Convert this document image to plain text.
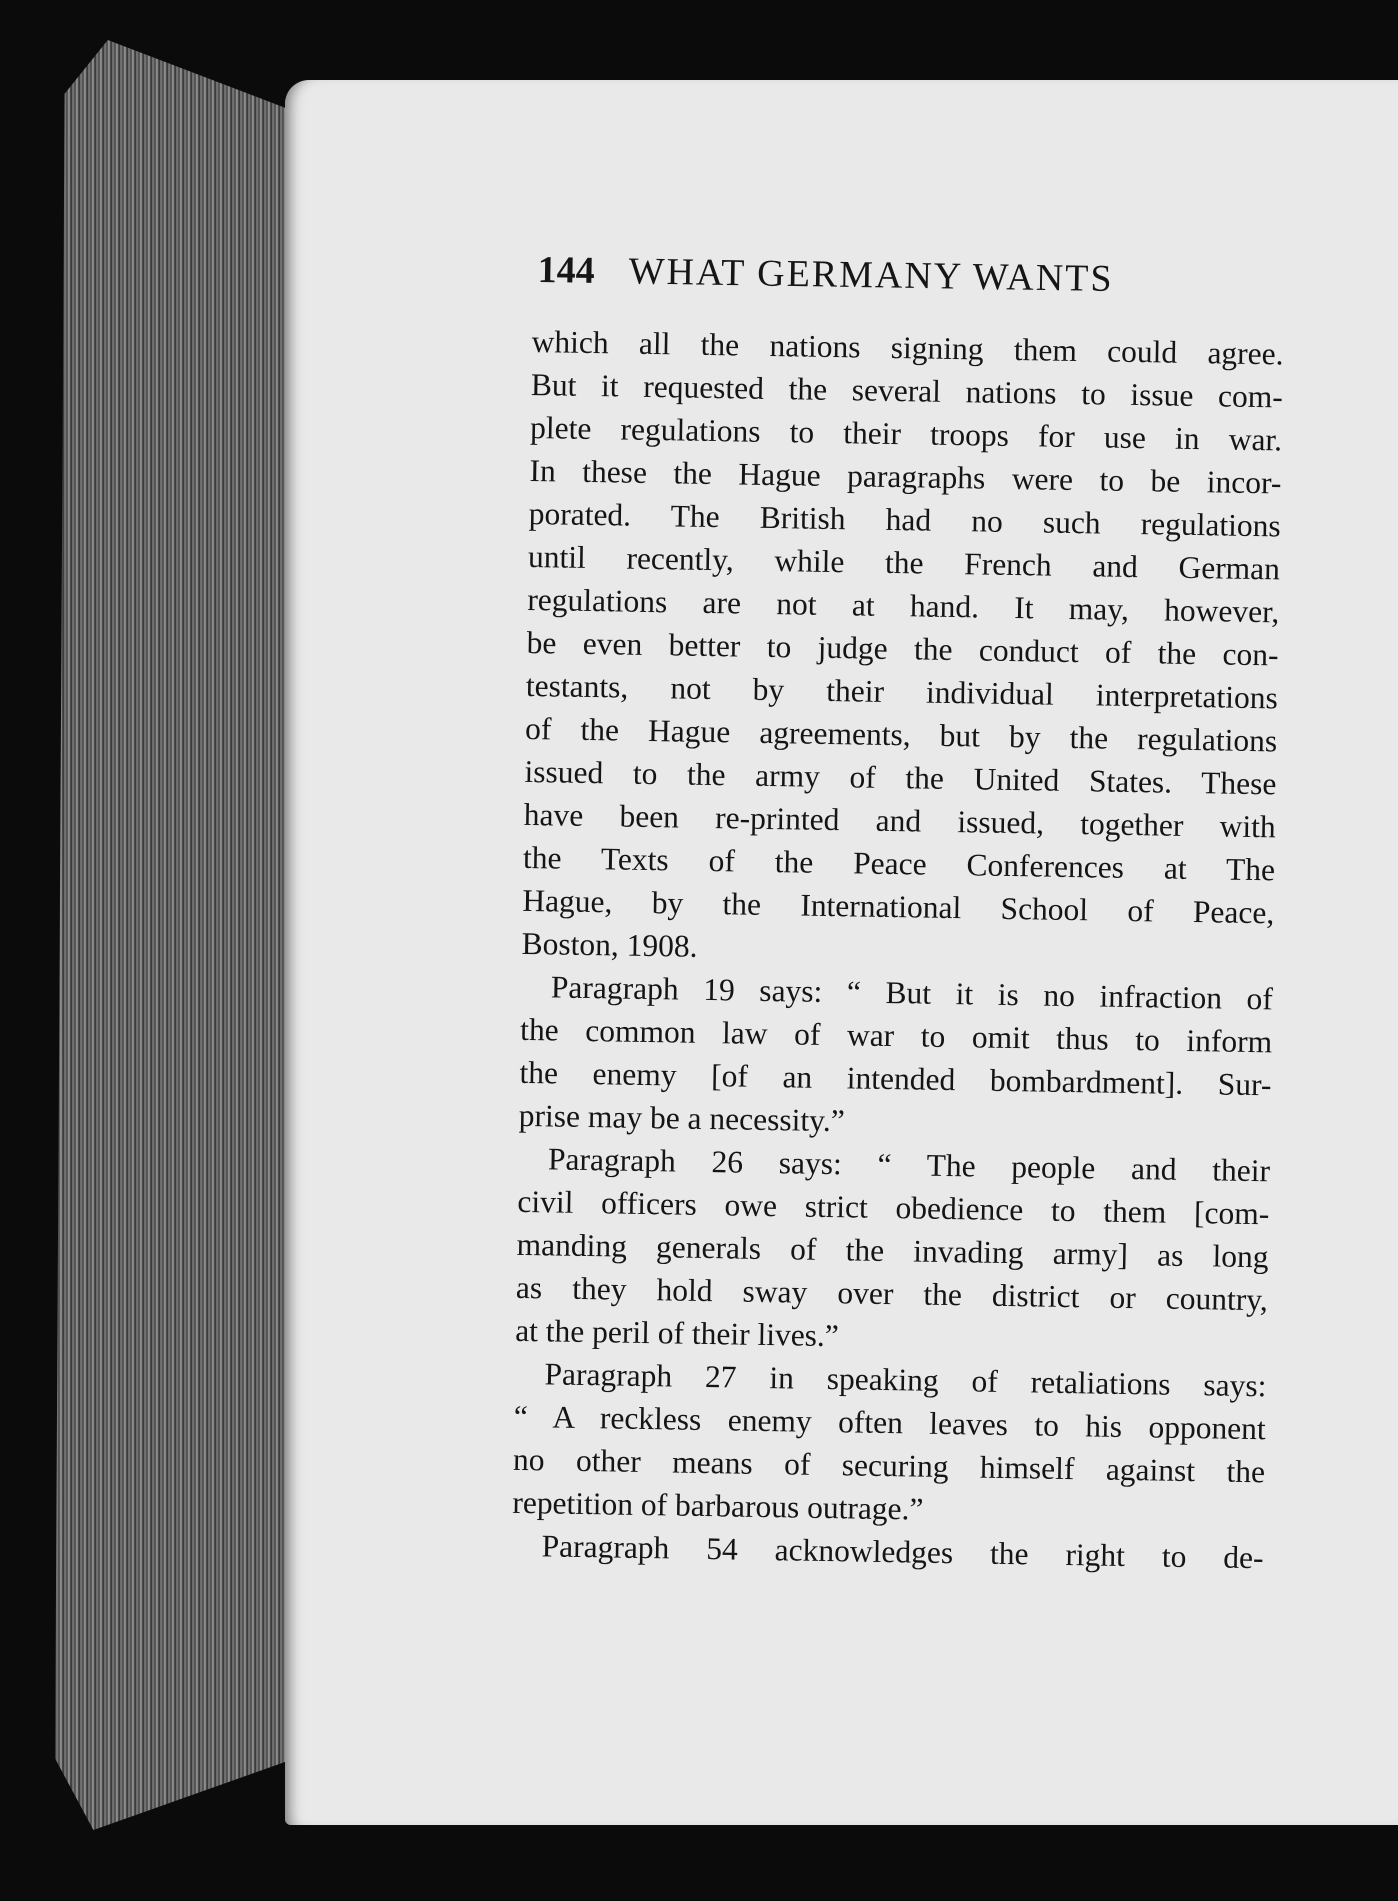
144 WHAT GERMANY WANTS
which all the nations signing them could agree.
But it requested the several nations to issue com-
plete regulations to their troops for use in war.
In these the Hague paragraphs were to be incor-
porated. The British had no such regulations
until recently, while the French and German
regulations are not at hand. It may, however,
be even better to judge the conduct of the con-
testants, not by their individual interpretations
of the Hague agreements, but by the regulations
issued to the army of the United States. These
have been re-printed and issued, together with
the Texts of the Peace Conferences at The
Hague, by the International School of Peace,
Boston, 1908.
Paragraph 19 says: “ But it is no infraction of
the common law of war to omit thus to inform
the enemy [of an intended bombardment]. Sur-
prise may be a necessity.”
Paragraph 26 says: “ The people and their
civil officers owe strict obedience to them [com-
manding generals of the invading army] as long
as they hold sway over the district or country,
at the peril of their lives.”
Paragraph 27 in speaking of retaliations says:
“ A reckless enemy often leaves to his opponent
no other means of securing himself against the
repetition of barbarous outrage.”
Paragraph 54 acknowledges the right to de-
